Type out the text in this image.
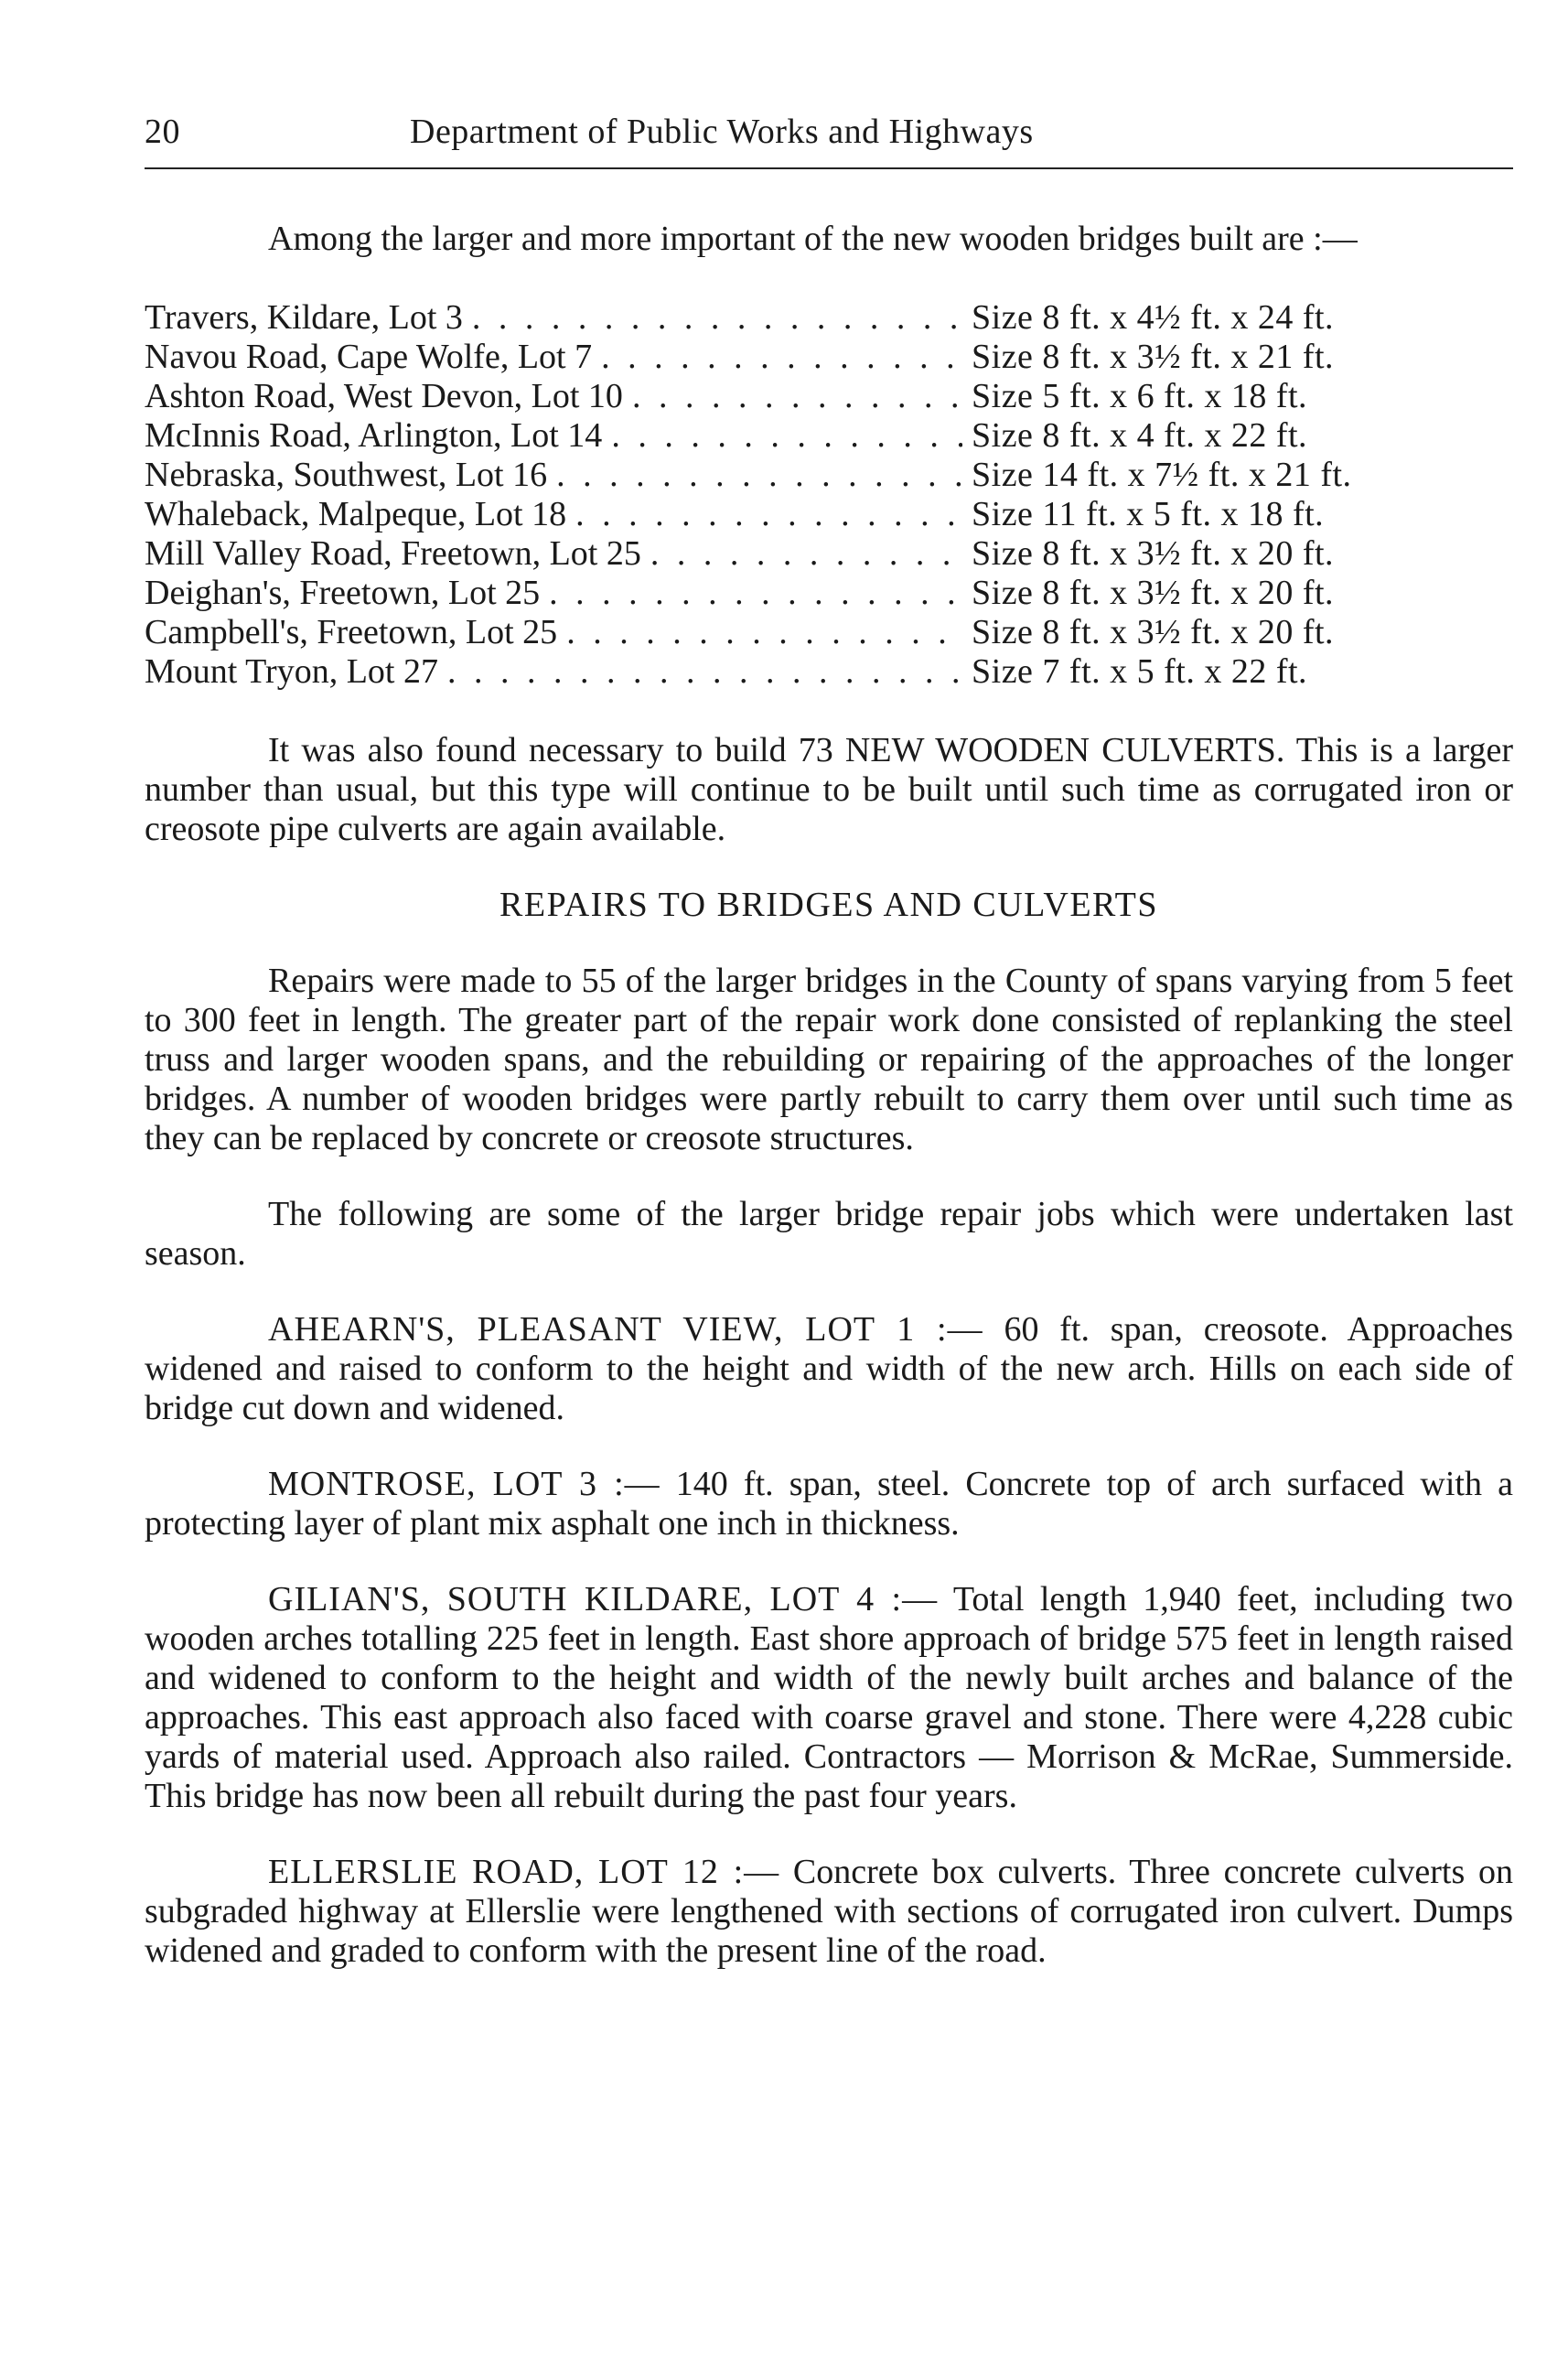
20	Department of Public Works and Highways

Among the larger and more important of the new wooden bridges built are :—

Travers, Kildare, Lot 3 . . .	Size 8 ft. x 4½ ft. x 24 ft.
Navou Road, Cape Wolfe, Lot 7 . . .	Size 8 ft. x 3½ ft. x 21 ft.
Ashton Road, West Devon, Lot 10 . . .	Size 5 ft. x 6 ft. x 18 ft.
McInnis Road, Arlington, Lot 14 . . .	Size 8 ft. x 4 ft. x 22 ft.
Nebraska, Southwest, Lot 16 . . .	Size 14 ft. x 7½ ft. x 21 ft.
Whaleback, Malpeque, Lot 18 . . .	Size 11 ft. x 5 ft. x 18 ft.
Mill Valley Road, Freetown, Lot 25 . . .	Size 8 ft. x 3½ ft. x 20 ft.
Deighan's, Freetown, Lot 25 . . .	Size 8 ft. x 3½ ft. x 20 ft.
Campbell's, Freetown, Lot 25 . . .	Size 8 ft. x 3½ ft. x 20 ft.
Mount Tryon, Lot 27 . . .	Size 7 ft. x 5 ft. x 22 ft.

It was also found necessary to build 73 NEW WOODEN CULVERTS. This is a larger number than usual, but this type will continue to be built until such time as corrugated iron or creosote pipe culverts are again available.

REPAIRS TO BRIDGES AND CULVERTS

Repairs were made to 55 of the larger bridges in the County of spans varying from 5 feet to 300 feet in length. The greater part of the repair work done consisted of replanking the steel truss and larger wooden spans, and the rebuilding or repairing of the approaches of the longer bridges. A number of wooden bridges were partly rebuilt to carry them over until such time as they can be replaced by concrete or creosote structures.

The following are some of the larger bridge repair jobs which were undertaken last season.

AHEARN'S, PLEASANT VIEW, LOT 1 :— 60 ft. span, creosote. Approaches widened and raised to conform to the height and width of the new arch. Hills on each side of bridge cut down and widened.

MONTROSE, LOT 3 :— 140 ft. span, steel. Concrete top of arch surfaced with a protecting layer of plant mix asphalt one inch in thickness.

GILIAN'S, SOUTH KILDARE, LOT 4 :— Total length 1,940 feet, including two wooden arches totalling 225 feet in length. East shore approach of bridge 575 feet in length raised and widened to conform to the height and width of the newly built arches and balance of the approaches. This east approach also faced with coarse gravel and stone. There were 4,228 cubic yards of material used. Approach also railed. Contractors — Morrison & McRae, Summerside. This bridge has now been all rebuilt during the past four years.

ELLERSLIE ROAD, LOT 12 :— Concrete box culverts. Three concrete culverts on subgraded highway at Ellerslie were lengthened with sections of corrugated iron culvert. Dumps widened and graded to conform with the present line of the road.
